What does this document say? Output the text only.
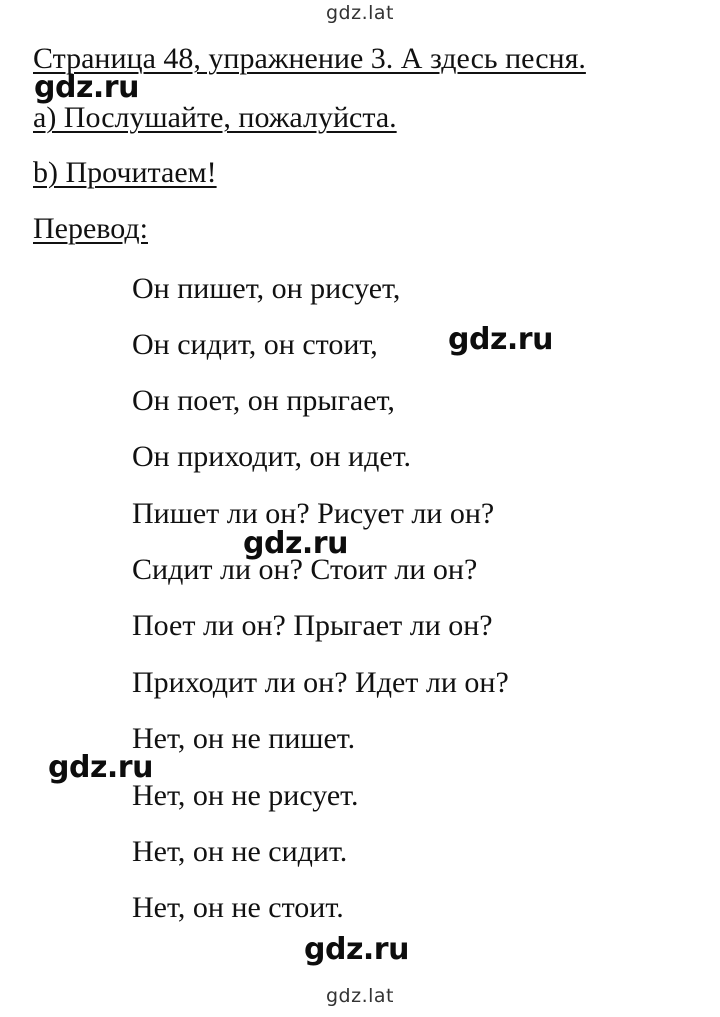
gdz.lat
Страница 48, упражнение 3. А здесь песня.
gdz.ru
a) Послушайте, пожалуйста.
b) Прочитаем!
Перевод:
Он пишет, он рисует,
Он сидит, он стоит, gdz.ru
Он поет, он прыгает,
Он приходит, он идет.
Пишет ли он? Рисует ли он?
gdz.ru
Сидит ли он? Стоит ли он?
Поет ли он? Прыгает ли он?
Приходит ли он? Идет ли он?
Нет, он не пишет.
gdz.ru
Нет, он не рисует.
Нет, он не сидит.
Нет, он не стоит.
gdz.ru
gdz.lat
